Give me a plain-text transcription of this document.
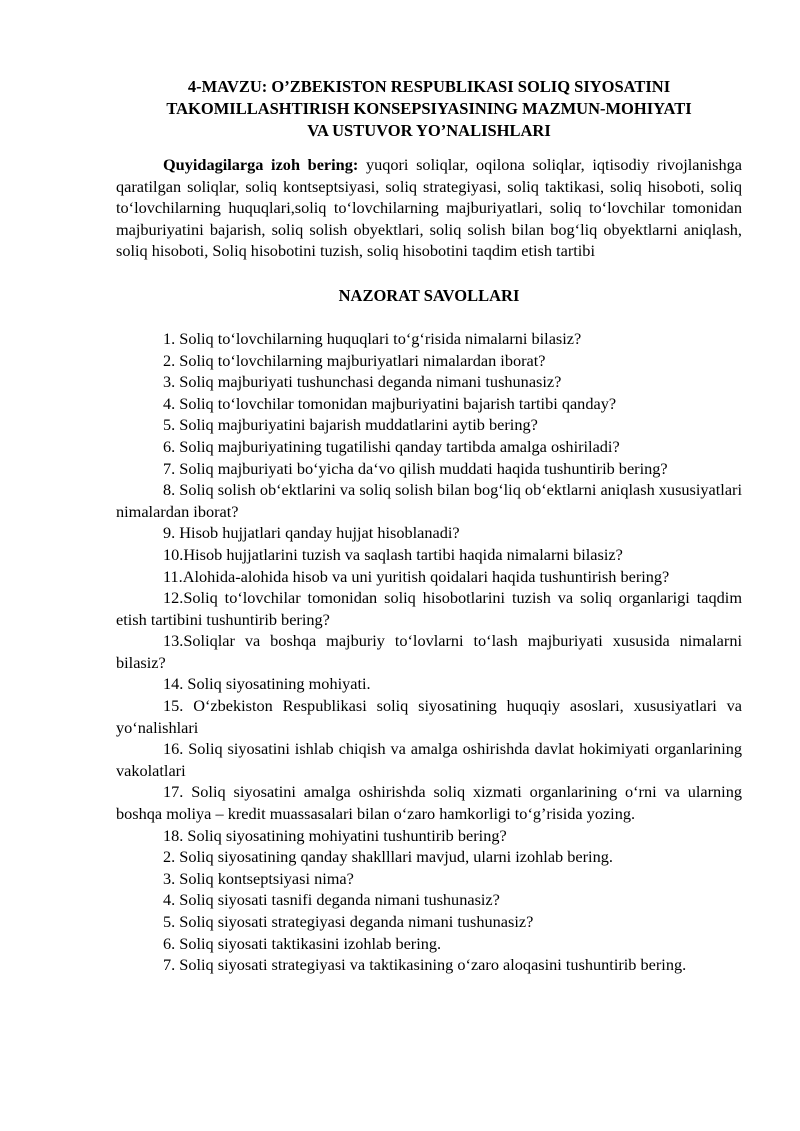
4-MAVZU: O’ZBEKISTON RESPUBLIKASI SOLIQ SIYOSATINI
TAKOMILLASHTIRISH KONSEPSIYASINING MAZMUN-MOHIYATI
VA USTUVOR YO’NALISHLARI

Quyidagilarga izoh bering: yuqori soliqlar, oqilona soliqlar, iqtisodiy rivojlanishga qaratilgan soliqlar, soliq kontseptsiyasi, soliq strategiyasi, soliq taktikasi, soliq hisoboti, soliq to‘lovchilarning huquqlari,soliq to‘lovchilarning majburiyatlari, soliq to‘lovchilar tomonidan majburiyatini bajarish, soliq solish obyektlari, soliq solish bilan bog‘liq obyektlarni aniqlash, soliq hisoboti, Soliq hisobotini tuzish, soliq hisobotini taqdim etish tartibi

NAZORAT SAVOLLARI
1. Soliq to‘lovchilarning huquqlari to‘g‘risida nimalarni bilasiz?
2. Soliq to‘lovchilarning majburiyatlari nimalardan iborat?
3. Soliq majburiyati tushunchasi deganda nimani tushunasiz?
4. Soliq to‘lovchilar tomonidan majburiyatini bajarish tartibi qanday?
5. Soliq majburiyatini bajarish muddatlarini aytib bering?
6. Soliq majburiyatining tugatilishi qanday tartibda amalga oshiriladi?
7. Soliq majburiyati bo‘yicha da‘vo qilish muddati haqida tushuntirib bering?
8. Soliq solish ob‘ektlarini va soliq solish bilan bog‘liq ob‘ektlarni aniqlash xususiyatlari nimalardan iborat?
9. Hisob hujjatlari qanday hujjat hisoblanadi?
10.Hisob hujjatlarini tuzish va saqlash tartibi haqida nimalarni bilasiz?
11.Alohida-alohida hisob va uni yuritish qoidalari haqida tushuntirish bering?
12.Soliq to‘lovchilar tomonidan soliq hisobotlarini tuzish va soliq organlarigi taqdim etish tartibini tushuntirib bering?
13.Soliqlar va boshqa majburiy to‘lovlarni to‘lash majburiyati xususida nimalarni bilasiz?
14. Soliq siyosatining mohiyati.
15. O‘zbekiston Respublikasi soliq siyosatining huquqiy asoslari, xususiyatlari va yo‘nalishlari
16. Soliq siyosatini ishlab chiqish va amalga oshirishda davlat hokimiyati organlarining vakolatlari
17. Soliq siyosatini amalga oshirishda soliq xizmati organlarining o‘rni va ularning boshqa moliya – kredit muassasalari bilan o‘zaro hamkorligi to‘g’risida yozing.
18. Soliq siyosatining mohiyatini tushuntirib bering?
2. Soliq siyosatining qanday shaklllari mavjud, ularni izohlab bering.
3. Soliq kontseptsiyasi nima?
4. Soliq siyosati tasnifi deganda nimani tushunasiz?
5. Soliq siyosati strategiyasi deganda nimani tushunasiz?
6. Soliq siyosati taktikasini izohlab bering.
7. Soliq siyosati strategiyasi va taktikasining o‘zaro aloqasini tushuntirib bering.
